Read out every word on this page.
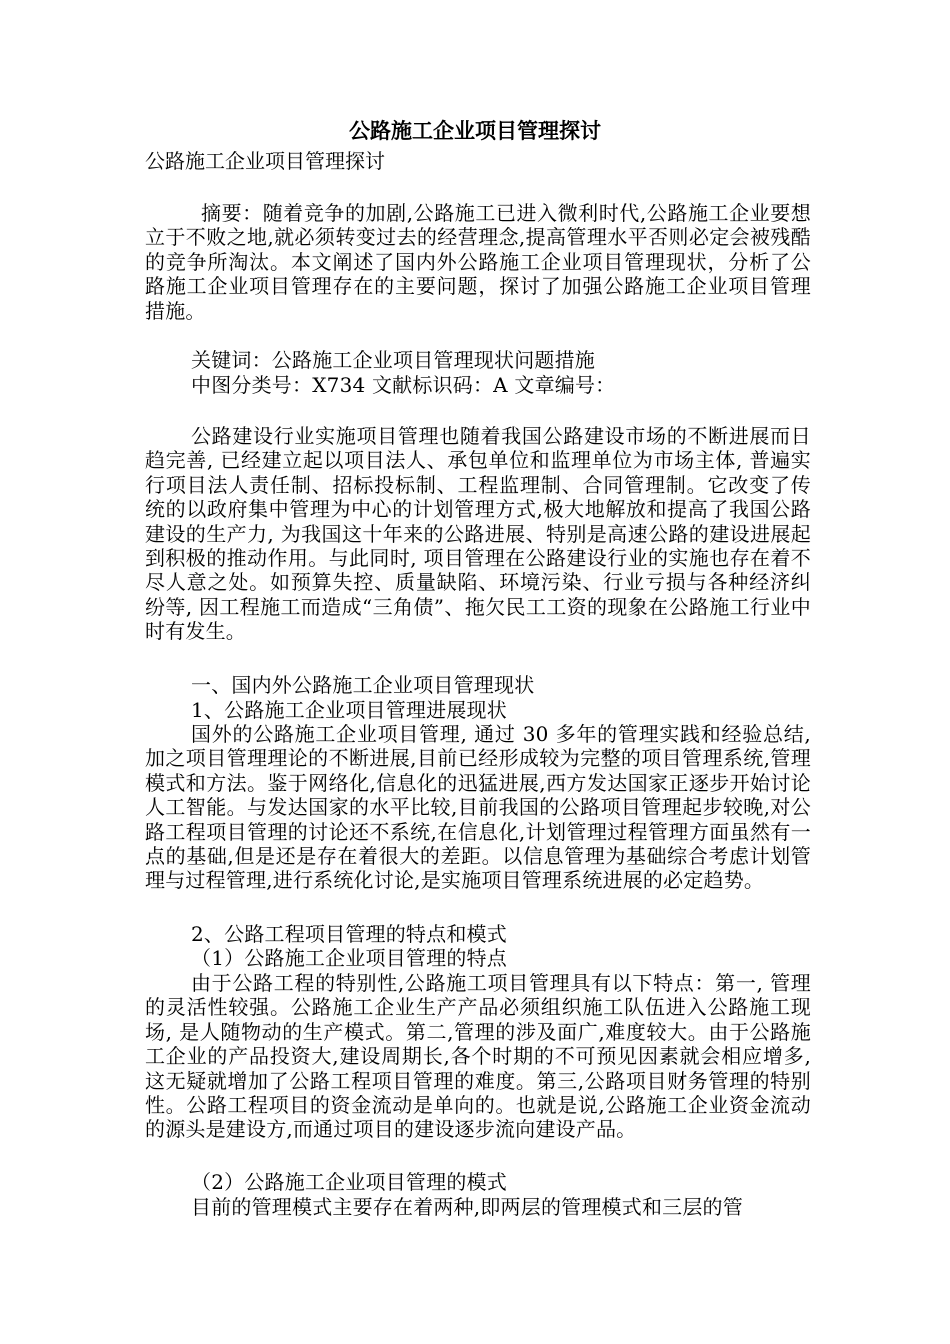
公路施工企业项目管理探讨
公路施工企业项目管理探讨
摘要：随着竞争的加剧,公路施工已进入微利时代,公路施工企业要想立于不败之地,就必须转变过去的经营理念,提高管理水平否则必定会被残酷的竞争所淘汰。本文阐述了国内外公路施工企业项目管理现状，分析了公路施工企业项目管理存在的主要问题，探讨了加强公路施工企业项目管理措施。
关键词：公路施工企业项目管理现状问题措施
中图分类号：X734 文献标识码：A 文章编号：
公路建设行业实施项目管理也随着我国公路建设市场的不断进展而日趋完善, 已经建立起以项目法人、承包单位和监理单位为市场主体, 普遍实行项目法人责任制、招标投标制、工程监理制、合同管理制。它改变了传统的以政府集中管理为中心的计划管理方式,极大地解放和提高了我国公路建设的生产力, 为我国这十年来的公路进展、特别是高速公路的建设进展起到积极的推动作用。与此同时, 项目管理在公路建设行业的实施也存在着不尽人意之处。如预算失控、质量缺陷、环境污染、行业亏损与各种经济纠纷等, 因工程施工而造成“三角债”、拖欠民工工资的现象在公路施工行业中时有发生。
一、国内外公路施工企业项目管理现状
1、公路施工企业项目管理进展现状
国外的公路施工企业项目管理, 通过 30 多年的管理实践和经验总结,加之项目管理理论的不断进展,目前已经形成较为完整的项目管理系统,管理模式和方法。鉴于网络化,信息化的迅猛进展,西方发达国家正逐步开始讨论人工智能。与发达国家的水平比较,目前我国的公路项目管理起步较晚,对公路工程项目管理的讨论还不系统,在信息化,计划管理过程管理方面虽然有一点的基础,但是还是存在着很大的差距。以信息管理为基础综合考虑计划管理与过程管理,进行系统化讨论,是实施项目管理系统进展的必定趋势。
2、公路工程项目管理的特点和模式
（1）公路施工企业项目管理的特点
由于公路工程的特别性,公路施工项目管理具有以下特点：第一, 管理的灵活性较强。公路施工企业生产产品必须组织施工队伍进入公路施工现场, 是人随物动的生产模式。第二,管理的涉及面广,难度较大。由于公路施工企业的产品投资大,建设周期长,各个时期的不可预见因素就会相应增多,这无疑就增加了公路工程项目管理的难度。第三,公路项目财务管理的特别性。公路工程项目的资金流动是单向的。也就是说,公路施工企业资金流动的源头是建设方,而通过项目的建设逐步流向建设产品。
（2）公路施工企业项目管理的模式
目前的管理模式主要存在着两种,即两层的管理模式和三层的管
